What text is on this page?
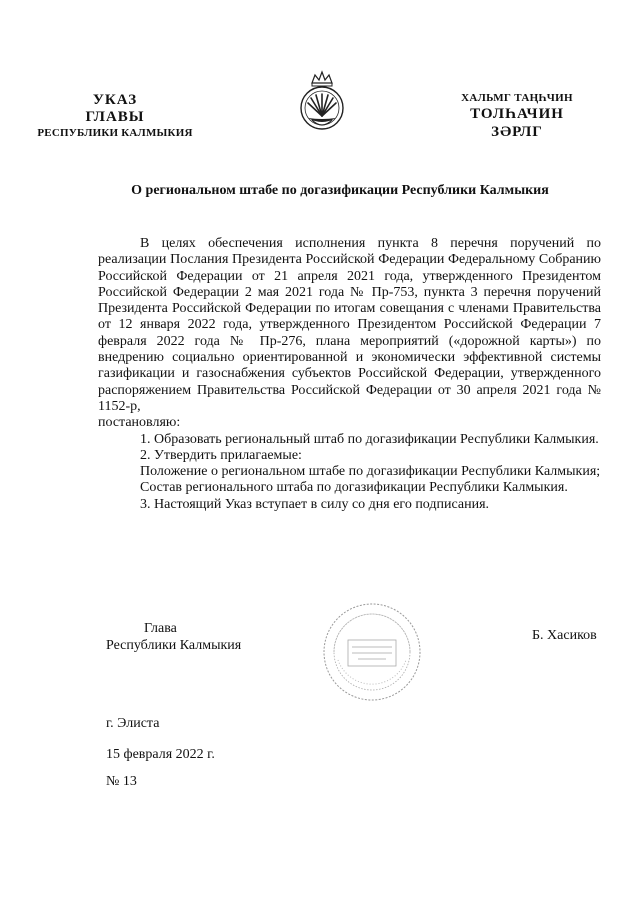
УКАЗ
ГЛАВЫ
РЕСПУБЛИКИ КАЛМЫКИЯ
ХАЛЬМГ ТАҢҺЧИН
ТОЛҺАЧИН
ЗӘРЛГ
О региональном штабе по догазификации Республики Калмыкия

В целях обеспечения исполнения пункта 8 перечня поручений по реализации Послания Президента Российской Федерации Федеральному Собранию Российской Федерации от 21 апреля 2021 года, утвержденного Президентом Российской Федерации 2 мая 2021 года № Пр-753, пункта 3 перечня поручений Президента Российской Федерации по итогам совещания с членами Правительства от 12 января 2022 года, утвержденного Президентом Российской Федерации 7 февраля 2022 года № Пр-276, плана мероприятий («дорожной карты») по внедрению социально ориентированной и экономически эффективной системы газификации и газоснабжения субъектов Российской Федерации, утвержденного распоряжением Правительства Российской Федерации от 30 апреля 2021 года № 1152-р,

постановляю:

1. Образовать региональный штаб по догазификации Республики Калмыкия.

2. Утвердить прилагаемые:

Положение о региональном штабе по догазификации Республики Калмыкия;

Состав регионального штаба по догазификации Республики Калмыкия.

3. Настоящий Указ вступает в силу со дня его подписания.

Глава
Республики Калмыкия
Б. Хасиков
г. Элиста
15 февраля 2022 г.
№ 13
